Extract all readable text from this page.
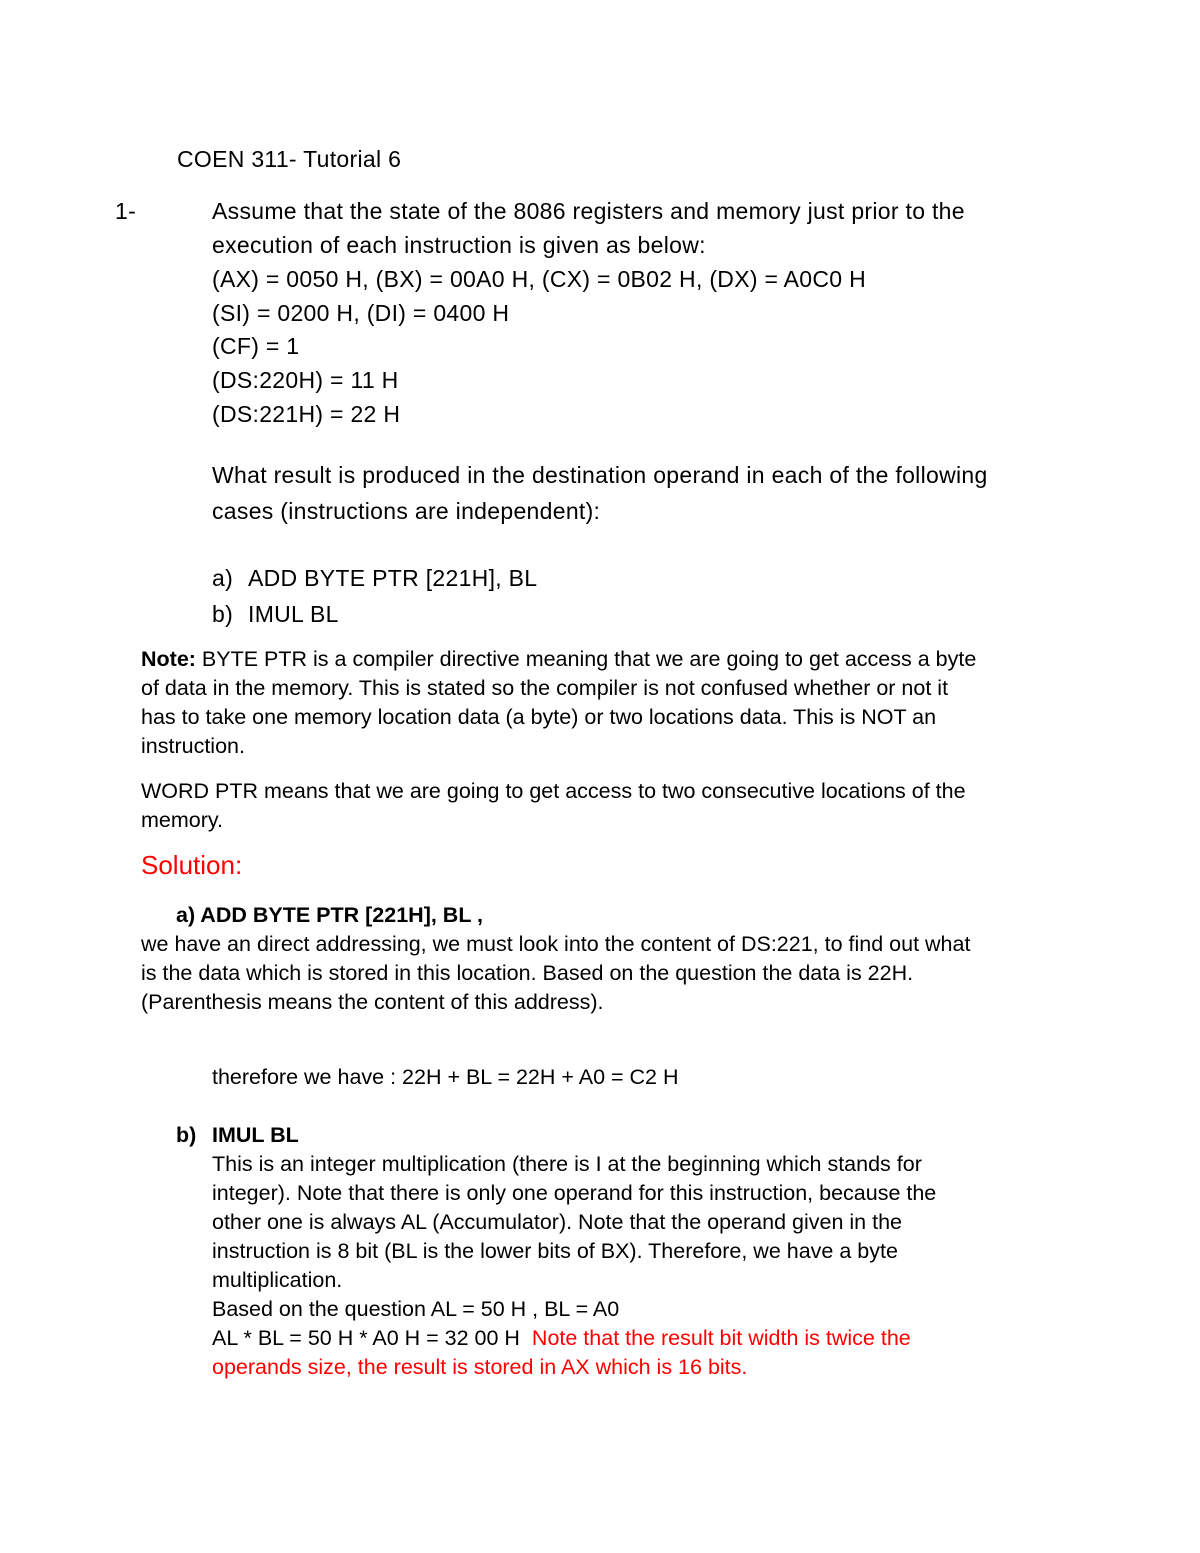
COEN 311- Tutorial 6

1-	Assume that the state of the 8086 registers and memory just prior to the

execution of each instruction is given as below:

(AX) = 0050 H, (BX) = 00A0 H, (CX) = 0B02 H, (DX) = A0C0 H

(SI) = 0200 H, (DI) = 0400 H

(CF) = 1

(DS:220H) = 11 H

(DS:221H) = 22 H

What result is produced in the destination operand in each of the following

cases (instructions are independent):

a) ADD BYTE PTR [221H], BL

b) IMUL BL

Note: BYTE PTR is a compiler directive meaning that we are going to get access a byte

of data in the memory. This is stated so the compiler is not confused whether or not it

has to take one memory location data (a byte) or two locations data. This is NOT an

instruction.

WORD PTR means that we are going to get access to two consecutive locations of the

memory.

Solution:

a) ADD BYTE PTR [221H], BL ,

we have an direct addressing, we must look into the content of DS:221, to find out what

is the data which is stored in this location. Based on the question the data is 22H.

(Parenthesis means the content of this address).

therefore we have : 22H + BL = 22H + A0 = C2 H

b) IMUL BL

This is an integer multiplication (there is I at the beginning which stands for

integer). Note that there is only one operand for this instruction, because the

other one is always AL (Accumulator). Note that the operand given in the

instruction is 8 bit (BL is the lower bits of BX). Therefore, we have a byte

multiplication.

Based on the question AL = 50 H , BL = A0

AL * BL = 50 H * A0 H = 32 00 H Note that the result bit width is twice the

operands size, the result is stored in AX which is 16 bits.
